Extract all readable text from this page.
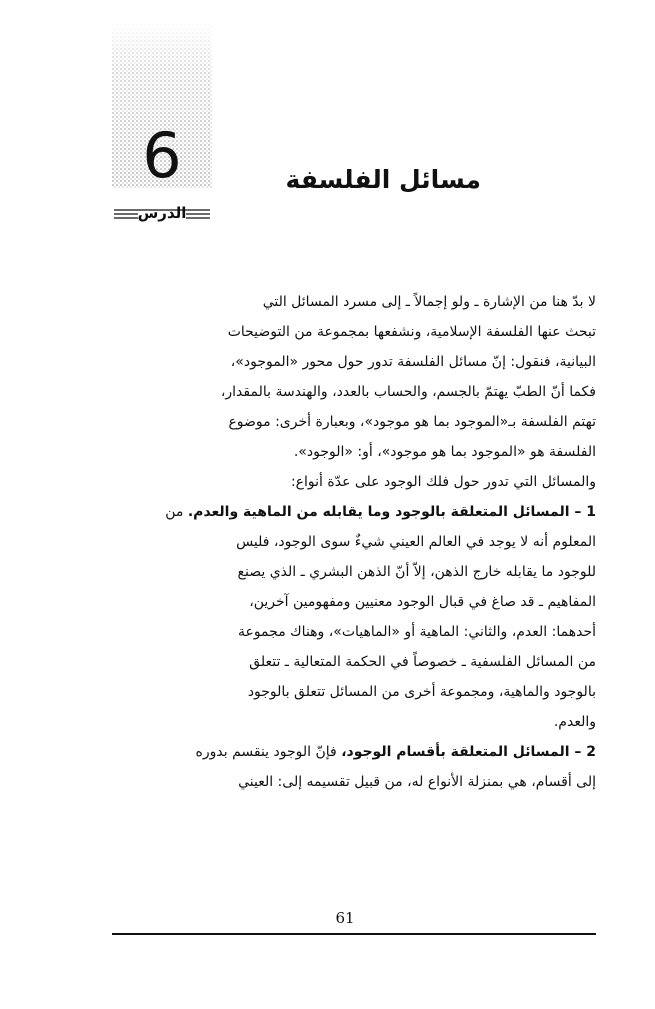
6
الدرس
مسائل الفلسفة
لا بدّ هنا من الإشارة ـ ولو إجمالاً ـ إلى مسرد المسائل التي
تبحث عنها الفلسفة الإسلامية، ونشفعها بمجموعة من التوضيحات
البيانية، فنقول: إنّ مسائل الفلسفة تدور حول محور «الموجود»،
فكما أنّ الطبّ يهتمّ بالجسم، والحساب بالعدد، والهندسة بالمقدار،
تهتم الفلسفة بـ«الموجود بما هو موجود»، وبعبارة أخرى: موضوع
الفلسفة هو «الموجود بما هو موجود»، أو: «الوجود».
والمسائل التي تدور حول فلك الوجود على عدّة أنواع:
1 – المسائل المتعلقة بالوجود وما يقابله من الماهية والعدم. من
المعلوم أنه لا يوجد في العالم العيني شيءٌ سوى الوجود، فليس
للوجود ما يقابله خارج الذهن، إلاّ أنّ الذهن البشري ـ الذي يصنع
المفاهيم ـ قد صاغ في قبال الوجود معنيين ومفهومين آخرين،
أحدهما: العدم، والثاني: الماهية أو «الماهيات»، وهناك مجموعة
من المسائل الفلسفية ـ خصوصاً في الحكمة المتعالية ـ تتعلق
بالوجود والماهية، ومجموعة أخرى من المسائل تتعلق بالوجود
والعدم.
2 – المسائل المتعلقة بأقسام الوجود، فإنّ الوجود ينقسم بدوره
إلى أقسام، هي بمنزلة الأنواع له، من قبيل تقسيمه إلى: العيني
61
